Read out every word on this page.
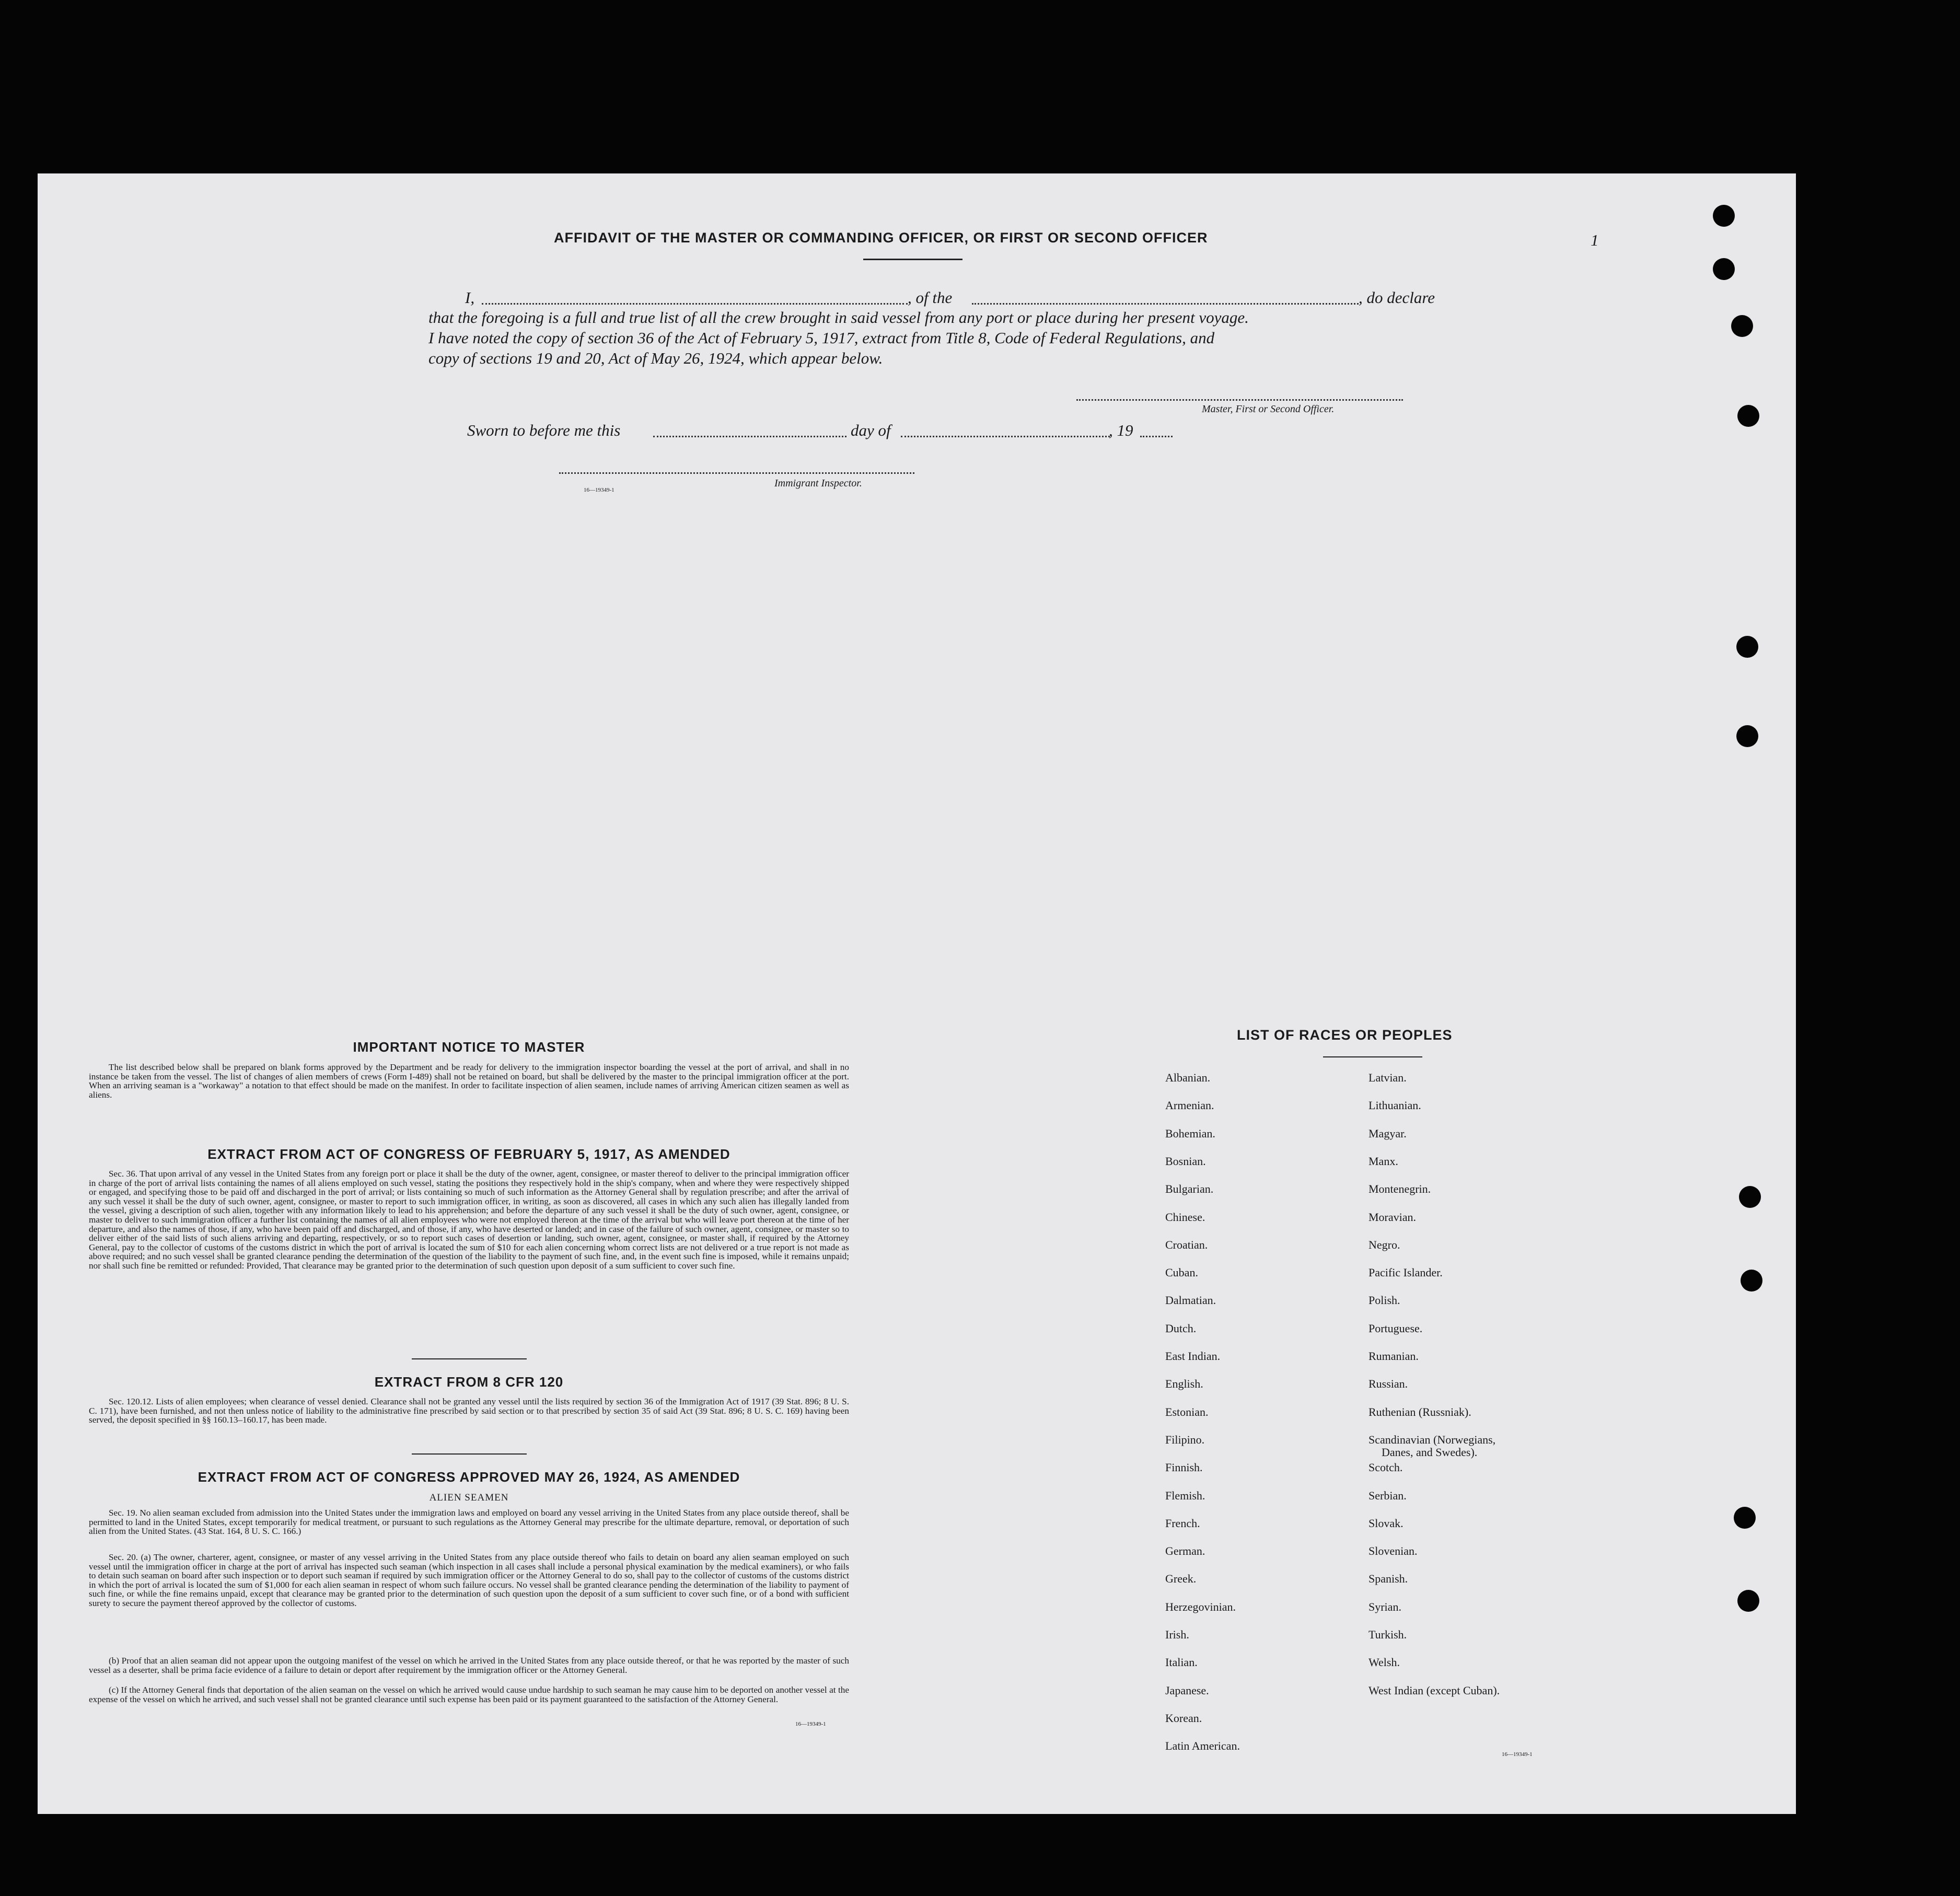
1
AFFIDAVIT OF THE MASTER OR COMMANDING OFFICER, OR FIRST OR SECOND OFFICER
I,	, of the	, do declare
that the foregoing is a full and true list of all the crew brought in said vessel from any port or place during her present voyage.
I have noted the copy of section 36 of the Act of February 5, 1917, extract from Title 8, Code of Federal Regulations, and
copy of sections 19 and 20, Act of May 26, 1924, which appear below.
Master, First or Second Officer.
Sworn to before me this	day of	, 19
16—19349-1
Immigrant Inspector.
IMPORTANT NOTICE TO MASTER

The list described below shall be prepared on blank forms approved by the Department and be ready for delivery to the immigration inspector boarding the vessel at the port of arrival, and shall in no instance be taken from the vessel. The list of changes of alien members of crews (Form I-489) shall not be retained on board, but shall be delivered by the master to the principal immigration officer at the port. When an arriving seaman is a "workaway" a notation to that effect should be made on the manifest. In order to facilitate inspection of alien seamen, include names of arriving American citizen seamen as well as aliens.

EXTRACT FROM ACT OF CONGRESS OF FEBRUARY 5, 1917, AS AMENDED

Sec. 36. That upon arrival of any vessel in the United States from any foreign port or place it shall be the duty of the owner, agent, consignee, or master thereof to deliver to the principal immigration officer in charge of the port of arrival lists containing the names of all aliens employed on such vessel, stating the positions they respectively hold in the ship's company, when and where they were respectively shipped or engaged, and specifying those to be paid off and discharged in the port of arrival; or lists containing so much of such information as the Attorney General shall by regulation prescribe; and after the arrival of any such vessel it shall be the duty of such owner, agent, consignee, or master to report to such immigration officer, in writing, as soon as discovered, all cases in which any such alien has illegally landed from the vessel, giving a description of such alien, together with any information likely to lead to his apprehension; and before the departure of any such vessel it shall be the duty of such owner, agent, consignee, or master to deliver to such immigration officer a further list containing the names of all alien employees who were not employed thereon at the time of the arrival but who will leave port thereon at the time of her departure, and also the names of those, if any, who have been paid off and discharged, and of those, if any, who have deserted or landed; and in case of the failure of such owner, agent, consignee, or master so to deliver either of the said lists of such aliens arriving and departing, respectively, or so to report such cases of desertion or landing, such owner, agent, consignee, or master shall, if required by the Attorney General, pay to the collector of customs of the customs district in which the port of arrival is located the sum of $10 for each alien concerning whom correct lists are not delivered or a true report is not made as above required; and no such vessel shall be granted clearance pending the determination of the question of the liability to the payment of such fine, and, in the event such fine is imposed, while it remains unpaid; nor shall such fine be remitted or refunded: Provided, That clearance may be granted prior to the determination of such question upon deposit of a sum sufficient to cover such fine.

EXTRACT FROM 8 CFR 120

Sec. 120.12. Lists of alien employees; when clearance of vessel denied. Clearance shall not be granted any vessel until the lists required by section 36 of the Immigration Act of 1917 (39 Stat. 896; 8 U. S. C. 171), have been furnished, and not then unless notice of liability to the administrative fine prescribed by said section or to that prescribed by section 35 of said Act (39 Stat. 896; 8 U. S. C. 169) having been served, the deposit specified in §§ 160.13–160.17, has been made.

EXTRACT FROM ACT OF CONGRESS APPROVED MAY 26, 1924, AS AMENDED
ALIEN SEAMEN

Sec. 19. No alien seaman excluded from admission into the United States under the immigration laws and employed on board any vessel arriving in the United States from any place outside thereof, shall be permitted to land in the United States, except temporarily for medical treatment, or pursuant to such regulations as the Attorney General may prescribe for the ultimate departure, removal, or deportation of such alien from the United States. (43 Stat. 164, 8 U. S. C. 166.)

Sec. 20. (a) The owner, charterer, agent, consignee, or master of any vessel arriving in the United States from any place outside thereof who fails to detain on board any alien seaman employed on such vessel until the immigration officer in charge at the port of arrival has inspected such seaman (which inspection in all cases shall include a personal physical examination by the medical examiners), or who fails to detain such seaman on board after such inspection or to deport such seaman if required by such immigration officer or the Attorney General to do so, shall pay to the collector of customs of the customs district in which the port of arrival is located the sum of $1,000 for each alien seaman in respect of whom such failure occurs. No vessel shall be granted clearance pending the determination of the liability to payment of such fine, or while the fine remains unpaid, except that clearance may be granted prior to the determination of such question upon the deposit of a sum sufficient to cover such fine, or of a bond with sufficient surety to secure the payment thereof approved by the collector of customs.

(b) Proof that an alien seaman did not appear upon the outgoing manifest of the vessel on which he arrived in the United States from any place outside thereof, or that he was reported by the master of such vessel as a deserter, shall be prima facie evidence of a failure to detain or deport after requirement by the immigration officer or the Attorney General.

(c) If the Attorney General finds that deportation of the alien seaman on the vessel on which he arrived would cause undue hardship to such seaman he may cause him to be deported on another vessel at the expense of the vessel on which he arrived, and such vessel shall not be granted clearance until such expense has been paid or its payment guaranteed to the satisfaction of the Attorney General.

16—19349-1
LIST OF RACES OR PEOPLES
Albanian.
Armenian.
Bohemian.
Bosnian.
Bulgarian.
Chinese.
Croatian.
Cuban.
Dalmatian.
Dutch.
East Indian.
English.
Estonian.
Filipino.
Finnish.
Flemish.
French.
German.
Greek.
Herzegovinian.
Irish.
Italian.
Japanese.
Korean.
Latin American.
Latvian.
Lithuanian.
Magyar.
Manx.
Montenegrin.
Moravian.
Negro.
Pacific Islander.
Polish.
Portuguese.
Rumanian.
Russian.
Ruthenian (Russniak).
Scandinavian (Norwegians,
Danes, and Swedes).
Scotch.
Serbian.
Slovak.
Slovenian.
Spanish.
Syrian.
Turkish.
Welsh.
West Indian (except Cuban).
16—19349-1
